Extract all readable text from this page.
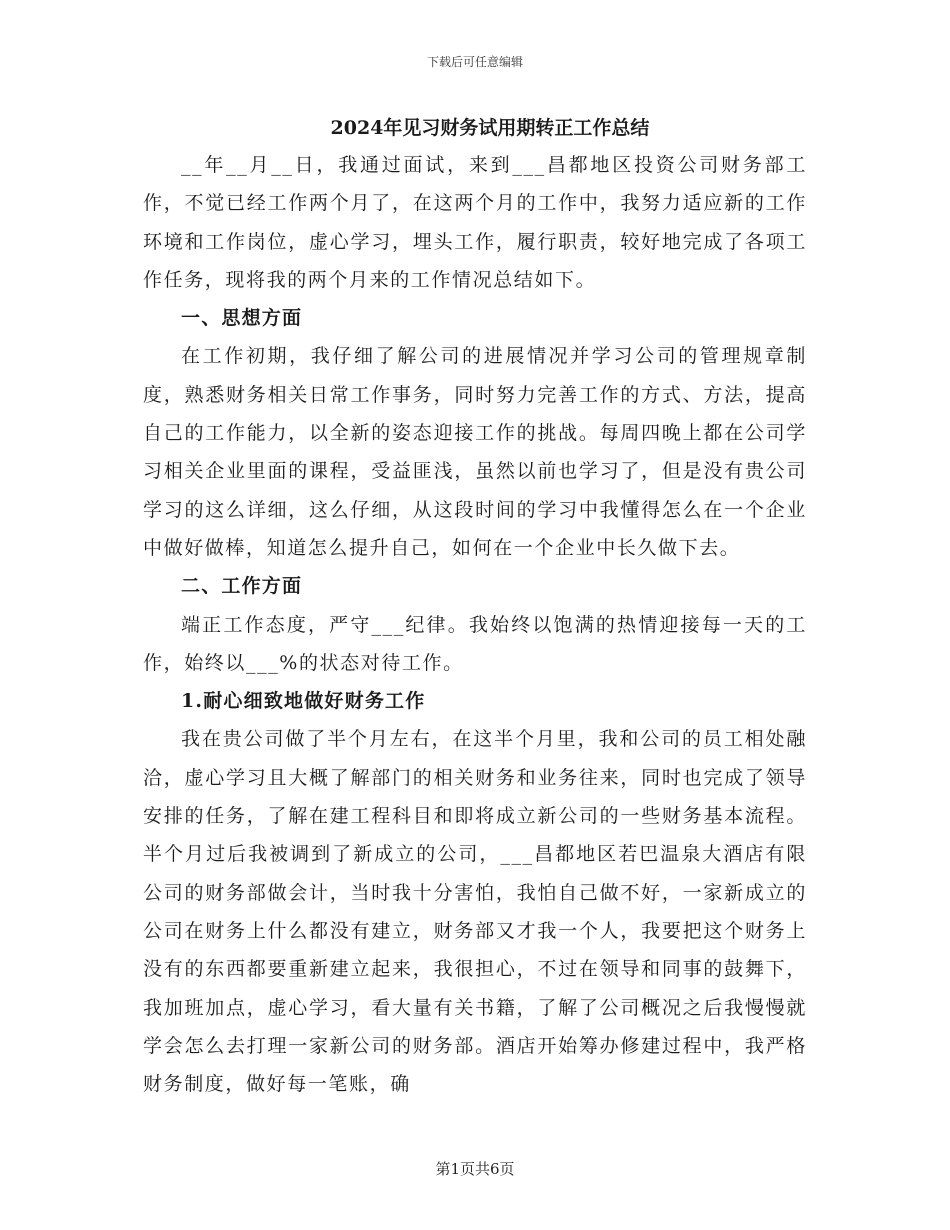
下载后可任意编辑

2024年见习财务试用期转正工作总结

__年__月__日，我通过面试，来到___昌都地区投资公司财务部工作，不觉已经工作两个月了，在这两个月的工作中，我努力适应新的工作环境和工作岗位，虚心学习，埋头工作，履行职责，较好地完成了各项工作任务，现将我的两个月来的工作情况总结如下。

一、思想方面

在工作初期，我仔细了解公司的进展情况并学习公司的管理规章制度，熟悉财务相关日常工作事务，同时努力完善工作的方式、方法，提高自己的工作能力，以全新的姿态迎接工作的挑战。每周四晚上都在公司学习相关企业里面的课程，受益匪浅，虽然以前也学习了，但是没有贵公司学习的这么详细，这么仔细，从这段时间的学习中我懂得怎么在一个企业中做好做棒，知道怎么提升自己，如何在一个企业中长久做下去。

二、工作方面

端正工作态度，严守___纪律。我始终以饱满的热情迎接每一天的工作，始终以___%的状态对待工作。

1.耐心细致地做好财务工作

我在贵公司做了半个月左右，在这半个月里，我和公司的员工相处融洽，虚心学习且大概了解部门的相关财务和业务往来，同时也完成了领导安排的任务，了解在建工程科目和即将成立新公司的一些财务基本流程。半个月过后我被调到了新成立的公司，___昌都地区若巴温泉大酒店有限公司的财务部做会计，当时我十分害怕，我怕自己做不好，一家新成立的公司在财务上什么都没有建立，财务部又才我一个人，我要把这个财务上没有的东西都要重新建立起来，我很担心，不过在领导和同事的鼓舞下，我加班加点，虚心学习，看大量有关书籍，了解了公司概况之后我慢慢就学会怎么去打理一家新公司的财务部。酒店开始筹办修建过程中，我严格财务制度，做好每一笔账，确

第1页共6页
